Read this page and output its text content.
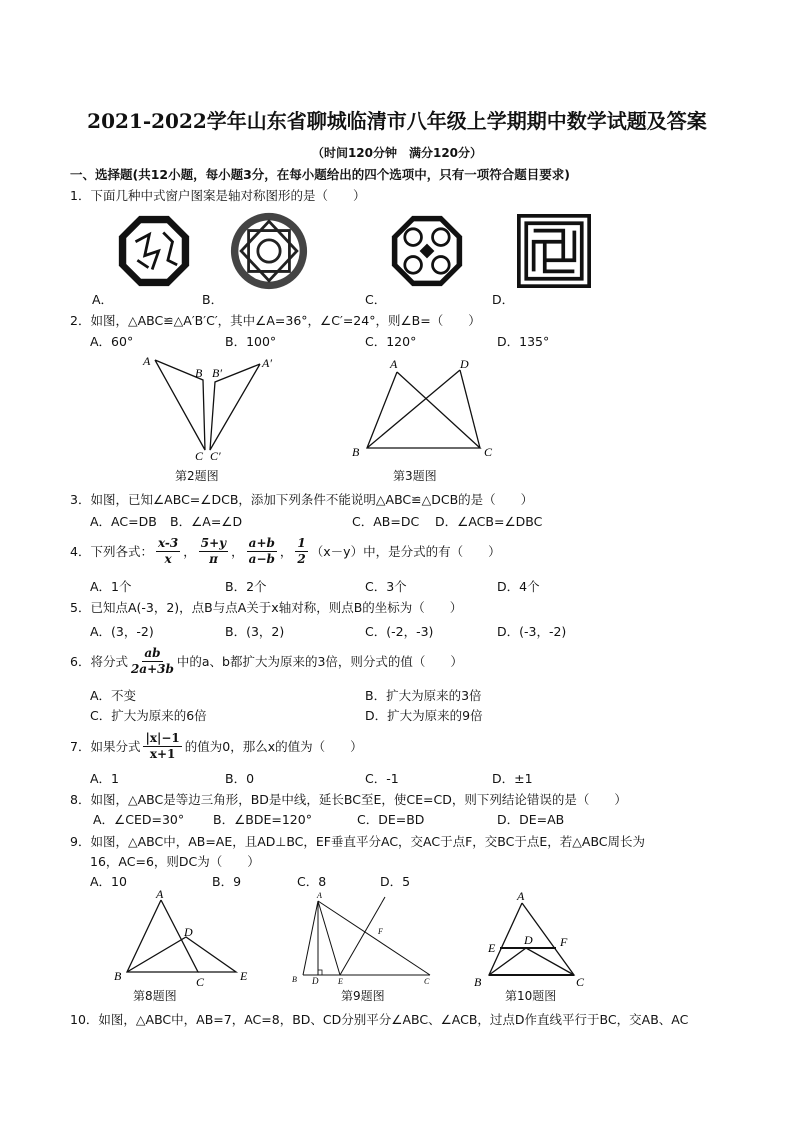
2021-2022学年山东省聊城临清市八年级上学期期中数学试题及答案
（时间120分钟　满分120分）
一、选择题(共12小题，每小题3分，在每小题给出的四个选项中，只有一项符合题目要求)
1．下面几种中式窗户图案是轴对称图形的是（　　）
A．	B．	C．	D．
2．如图，△ABC≌△A′B′C′，其中∠A=36°，∠C′=24°，则∠B=（　　）
A．60°	B．100°	C．120°	D．135°
A
B B′
A′
C C′
第2题图
A	D
B	C
第3题图
3．如图，已知∠ABC=∠DCB，添加下列条件不能说明△ABC≌△DCB的是（　　）
A．AC=DB B．∠A=∠D	C．AB=DC D．∠ACB=∠DBC
4．下列各式： $\frac{x-3}{x}$ ， $\frac{5+y}{\pi}$ ， $\frac{a+b}{a-b}$ ， $\frac{1}{2} (x-y)$中，是分式的有（　　）
A．1个	B．2个	C．3个	D．4个
5．已知点A(-3，2)，点B与点A关于x轴对称，则点B的坐标为（　　）
A．(3，-2)	B．(3，2)	C．(-2，-3)	D．(-3，-2)
6．将分式 $\frac{ab}{2a+3b}$ 中的a、b都扩大为原来的3倍，则分式的值（　　）
A．不变	B．扩大为原来的3倍
C．扩大为原来的6倍	D．扩大为原来的9倍
7．如果分式 $\frac{|x|-1}{x+1}$ 的值为0，那么x的值为（　　）
A．1	B．0	C．-1	D．±1
8．如图，△ABC是等边三角形，BD是中线，延长BC至E，使CE=CD，则下列结论错误的是（　　）
A．∠CED=30° B．∠BDE=120°	C．DE=BD	D．DE=AB
9．如图，△ABC中，AB=AE，且AD⊥BC，EF垂直平分AC，交AC于点F，交BC于点E，若△ABC周长为
16，AC=6，则DC为（　　）
A．10	B．9	C．8	D．5
A
D
B	C	E
第8题图
A
B D E	C
F
第9题图
A
E
D F
B	C
第10题图
10．如图，△ABC中，AB=7，AC=8，BD、CD分别平分∠ABC、∠ACB，过点D作直线平行于BC，交AB、AC
